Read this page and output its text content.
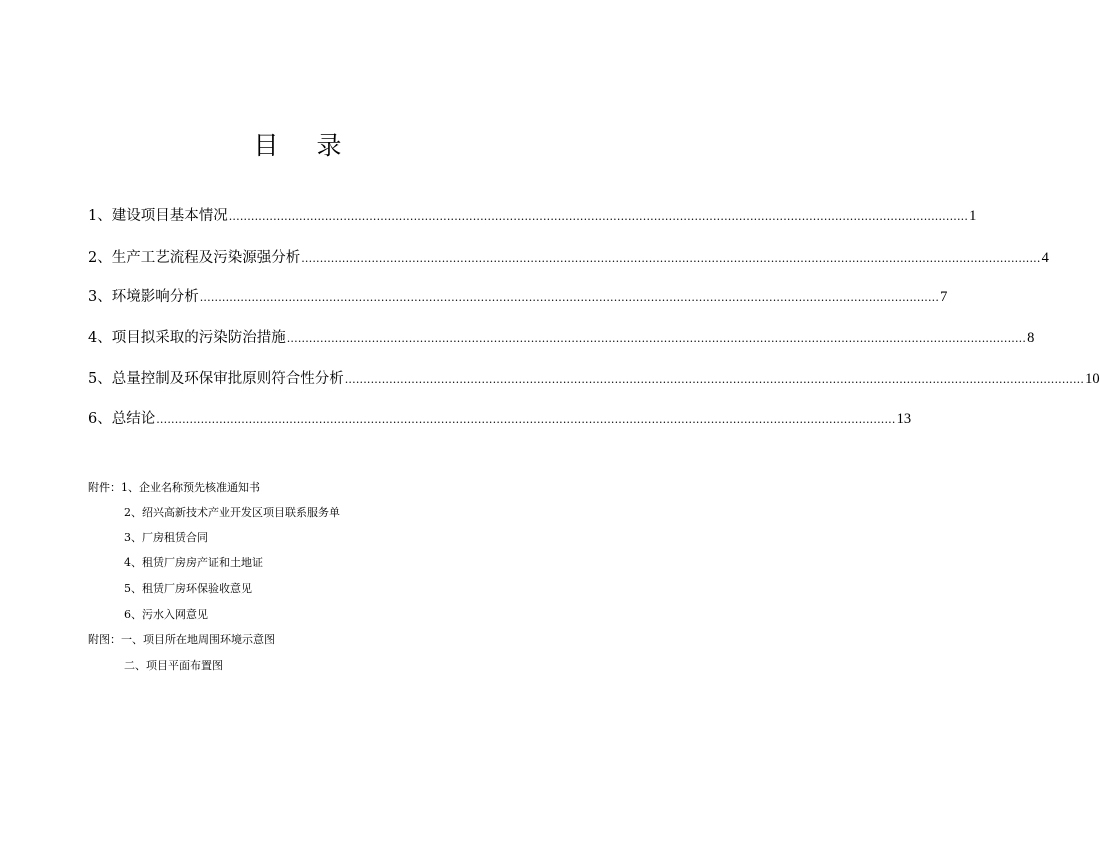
目 录
1、 建设项目基本情况 ........................................................................................................................................................................................................ 1
2、 生产工艺流程及污染源强分析 ........................................................................................................................................................................................................ 4
3、 环境影响分析 ........................................................................................................................................................................................................ 7
4、 项目拟采取的污染防治措施 ........................................................................................................................................................................................................ 8
5、 总量控制及环保审批原则符合性分析 ........................................................................................................................................................................................................ 10
6、 总结论 ........................................................................................................................................................................................................ 13
附件：1、企业名称预先核准通知书
2、绍兴高新技术产业开发区项目联系服务单
3、厂房租赁合同
4、租赁厂房房产证和土地证
5、租赁厂房环保验收意见
6、污水入网意见
附图：一、项目所在地周围环境示意图
二、项目平面布置图
